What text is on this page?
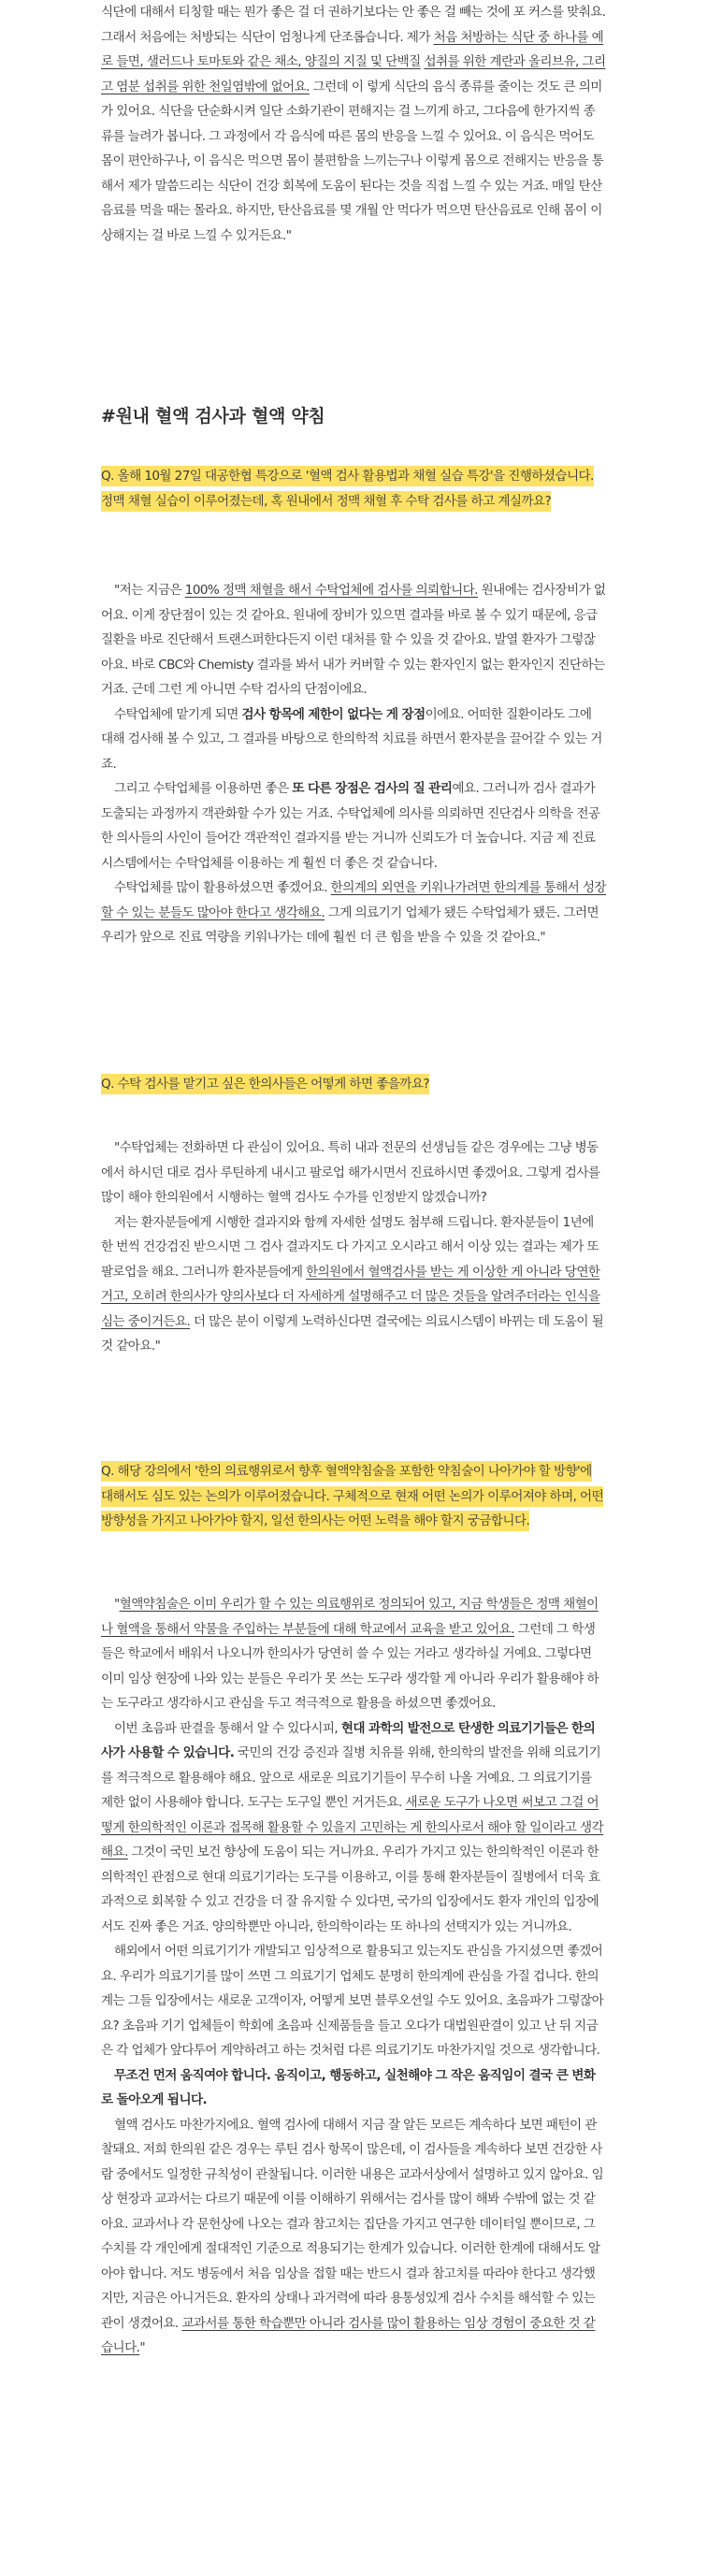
식단에 대해서 티칭할 때는 뭔가 좋은 걸 더 권하기보다는 안 좋은 걸 빼는 것에 포 커스를 맞춰요. 그래서 처음에는 처방되는 식단이 엄청나게 단조롭습니다. 제가 처음 처방하는 식단 중 하나를 예로 들면, 샐러드나 토마토와 같은 채소, 양질의 지질 및 단백질 섭취를 위한 계란과 올리브유, 그리고 염분 섭취를 위한 천일염밖에 없어요. 그런데 이 렇게 식단의 음식 종류를 줄이는 것도 큰 의미가 있어요. 식단을 단순화시켜 일단 소화기관이 편해지는 걸 느끼게 하고, 그다음에 한가지씩 종류를 늘려가 봅니다. 그 과정에서 각 음식에 따른 몸의 반응을 느낄 수 있어요. 이 음식은 먹어도 몸이 편안하구나, 이 음식은 먹으면 몸이 불편함을 느끼는구나 이렇게 몸으로 전해지는 반응을 통해서 제가 말씀드리는 식단이 건강 회복에 도움이 된다는 것을 직접 느낄 수 있는 거죠. 매일 탄산음료를 먹을 때는 몰라요. 하지만, 탄산음료를 몇 개월 안 먹다가 먹으면 탄산음료로 인해 몸이 이상해지는 걸 바로 느낄 수 있거든요."

#원내 혈액 검사과 혈액 약침
Q. 올해 10월 27일 대공한협 특강으로 '혈액 검사 활용법과 채혈 실습 특강'을 진행하셨습니다. 정맥 채혈 실습이 이루어졌는데, 혹 원내에서 정맥 채혈 후 수탁 검사를 하고 계실까요?

"저는 지금은 100% 정맥 채혈을 해서 수탁업체에 검사를 의뢰합니다. 원내에는 검사장비가 없어요. 이게 장단점이 있는 것 같아요. 원내에 장비가 있으면 결과를 바로 볼 수 있기 때문에, 응급질환을 바로 진단해서 트랜스퍼한다든지 이런 대처를 할 수 있을 것 같아요. 발열 환자가 그렇잖아요. 바로 CBC와 Chemisty 결과를 봐서 내가 커버할 수 있는 환자인지 없는 환자인지 진단하는 거죠. 근데 그런 게 아니면 수탁 검사의 단점이에요.

수탁업체에 맡기게 되면 검사 항목에 제한이 없다는 게 장점이에요. 어떠한 질환이라도 그에 대해 검사해 볼 수 있고, 그 결과를 바탕으로 한의학적 치료를 하면서 환자분을 끌어갈 수 있는 거죠.

그리고 수탁업체를 이용하면 좋은 또 다른 장점은 검사의 질 관리예요. 그러니까 검사 결과가 도출되는 과정까지 객관화할 수가 있는 거죠. 수탁업체에 의사를 의뢰하면 진단검사 의학을 전공한 의사들의 사인이 들어간 객관적인 결과지를 받는 거니까 신뢰도가 더 높습니다. 지금 제 진료 시스템에서는 수탁업체를 이용하는 게 훨씬 더 좋은 것 같습니다.

수탁업체를 많이 활용하셨으면 좋겠어요. 한의계의 외연을 키워나가려면 한의계를 통해서 성장할 수 있는 분들도 많아야 한다고 생각해요. 그게 의료기기 업체가 됐든 수탁업체가 됐든. 그러면 우리가 앞으로 진료 역량을 키워나가는 데에 훨씬 더 큰 힘을 받을 수 있을 것 같아요."

Q. 수탁 검사를 맡기고 싶은 한의사들은 어떻게 하면 좋을까요?

"수탁업체는 전화하면 다 관심이 있어요. 특히 내과 전문의 선생님들 같은 경우에는 그냥 병동에서 하시던 대로 검사 루틴하게 내시고 팔로업 해가시면서 진료하시면 좋겠어요. 그렇게 검사를 많이 해야 한의원에서 시행하는 혈액 검사도 수가를 인정받지 않겠습니까?

저는 환자분들에게 시행한 결과지와 함께 자세한 설명도 첨부해 드립니다. 환자분들이 1년에 한 번씩 건강검진 받으시면 그 검사 결과지도 다 가지고 오시라고 해서 이상 있는 결과는 제가 또 팔로업을 해요. 그러니까 환자분들에게 한의원에서 혈액검사를 받는 게 이상한 게 아니라 당연한 거고, 오히려 한의사가 양의사보다 더 자세하게 설명해주고 더 많은 것들을 알려주더라는 인식을 심는 중이거든요. 더 많은 분이 이렇게 노력하신다면 결국에는 의료시스템이 바뀌는 데 도움이 될 것 같아요."

Q. 해당 강의에서 '한의 의료행위로서 향후 혈액약침술을 포함한 약침술이 나아가야 할 방향'에 대해서도 심도 있는 논의가 이루어졌습니다. 구체적으로 현재 어떤 논의가 이루어져야 하며, 어떤 방향성을 가지고 나아가야 할지, 일선 한의사는 어떤 노력을 해야 할지 궁금합니다.

"혈액약침술은 이미 우리가 할 수 있는 의료행위로 정의되어 있고, 지금 학생들은 정맥 채혈이나 혈액을 통해서 약물을 주입하는 부분들에 대해 학교에서 교육을 받고 있어요. 그런데 그 학생들은 학교에서 배워서 나오니까 한의사가 당연히 쓸 수 있는 거라고 생각하실 거예요. 그렇다면 이미 임상 현장에 나와 있는 분들은 우리가 못 쓰는 도구라 생각할 게 아니라 우리가 활용해야 하는 도구라고 생각하시고 관심을 두고 적극적으로 활용을 하셨으면 좋겠어요.

이번 초음파 판결을 통해서 알 수 있다시피, 현대 과학의 발전으로 탄생한 의료기기들은 한의사가 사용할 수 있습니다. 국민의 건강 증진과 질병 치유를 위해, 한의학의 발전을 위해 의료기기를 적극적으로 활용해야 해요. 앞으로 새로운 의료기기들이 무수히 나올 거예요. 그 의료기기를 제한 없이 사용해야 합니다. 도구는 도구일 뿐인 거거든요. 새로운 도구가 나오면 써보고 그걸 어떻게 한의학적인 이론과 접목해 활용할 수 있을지 고민하는 게 한의사로서 해야 할 일이라고 생각해요. 그것이 국민 보건 향상에 도움이 되는 거니까요. 우리가 가지고 있는 한의학적인 이론과 한의학적인 관점으로 현대 의료기기라는 도구를 이용하고, 이를 통해 환자분들이 질병에서 더욱 효과적으로 회복할 수 있고 건강을 더 잘 유지할 수 있다면, 국가의 입장에서도 환자 개인의 입장에서도 진짜 좋은 거죠. 양의학뿐만 아니라, 한의학이라는 또 하나의 선택지가 있는 거니까요.

해외에서 어떤 의료기기가 개발되고 임상적으로 활용되고 있는지도 관심을 가지셨으면 좋겠어요. 우리가 의료기기를 많이 쓰면 그 의료기기 업체도 분명히 한의계에 관심을 가질 겁니다. 한의계는 그들 입장에서는 새로운 고객이자, 어떻게 보면 블루오션일 수도 있어요. 초음파가 그렇잖아요? 초음파 기기 업체들이 학회에 초음파 신제품들을 들고 오다가 대법원판결이 있고 난 뒤 지금은 각 업체가 앞다투어 계약하려고 하는 것처럼 다른 의료기기도 마찬가지일 것으로 생각합니다.

무조건 먼저 움직여야 합니다. 움직이고, 행동하고, 실천해야 그 작은 움직임이 결국 큰 변화로 돌아오게 됩니다.

혈액 검사도 마찬가지에요. 혈액 검사에 대해서 지금 잘 알든 모르든 계속하다 보면 패턴이 관찰돼요. 저희 한의원 같은 경우는 루틴 검사 항목이 많은데, 이 검사들을 계속하다 보면 건강한 사람 중에서도 일정한 규칙성이 관찰됩니다. 이러한 내용은 교과서상에서 설명하고 있지 않아요. 임상 현장과 교과서는 다르기 때문에 이를 이해하기 위해서는 검사를 많이 해봐 수밖에 없는 것 같아요. 교과서나 각 문헌상에 나오는 결과 참고치는 집단을 가지고 연구한 데이터일 뿐이므로, 그 수치를 각 개인에게 절대적인 기준으로 적용되기는 한계가 있습니다. 이러한 한계에 대해서도 알아야 합니다. 저도 병동에서 처음 임상을 접할 때는 반드시 결과 참고치를 따라야 한다고 생각했지만, 지금은 아니거든요. 환자의 상태나 과거력에 따라 용통성있게 검사 수치를 해석할 수 있는 관이 생겼어요. 교과서를 통한 학습뿐만 아니라 검사를 많이 활용하는 임상 경험이 중요한 것 같습니다."
